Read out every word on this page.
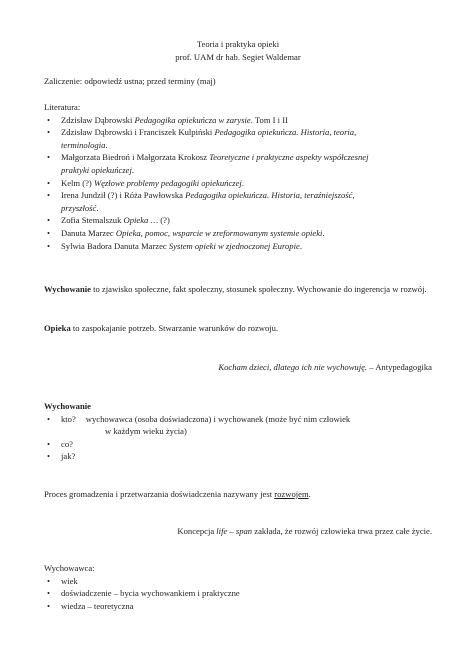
Teoria i praktyka opieki

prof. UAM dr hab. Segiet Waldemar

Zaliczenie: odpowiedź ustna; przed terminy (maj)

Literatura:

• Zdzisław Dąbrowski Pedagogika opiekuńcza w zarysie. Tom I i II
• Zdzisław Dąbrowski i Franciszek Kulpiński Pedagogika opiekuńcza. Historia, teoria,
terminologia.
• Małgorzata Biedroń i Małgorzata Krokosz Teoretyczne i praktyczne aspekty współczesnej
praktyki opiekuńczej.
• Kelm (?) Węzłowe problemy pedagogiki opiekuńczej.
• Irena Jundził (?) i Róża Pawłowska Pedagogika opiekuńcza. Historia, teraźniejszość,
przyszłość.
• Zofia Stemalszuk Opieka … (?)
• Danuta Marzec Opieka, pomoc, wsparcie w zreformowanym systemie opieki.
• Sylwia Badora Danuta Marzec System opieki w zjednoczonej Europie.

Wychowanie to zjawisko społeczne, fakt społeczny, stosunek społeczny. Wychowanie do ingerencja w rozwój.

Opieka to zaspokajanie potrzeb. Stwarzanie warunków do rozwoju.

Kocham dzieci, dlatego ich nie wychowuję. – Antypedagogika

Wychowanie

• kto? wychowawca (osoba doświadczona) i wychowanek (może być nim człowiek
w każdym wieku życia)
• co?
• jak?

Proces gromadzenia i przetwarzania doświadczenia nazywany jest rozwojem.

Koncepcja life – span zakłada, że rozwój człowieka trwa przez całe życie.

Wychowawca:

• wiek
• doświadczenie – bycia wychowankiem i praktyczne
• wiedza – teoretyczna
